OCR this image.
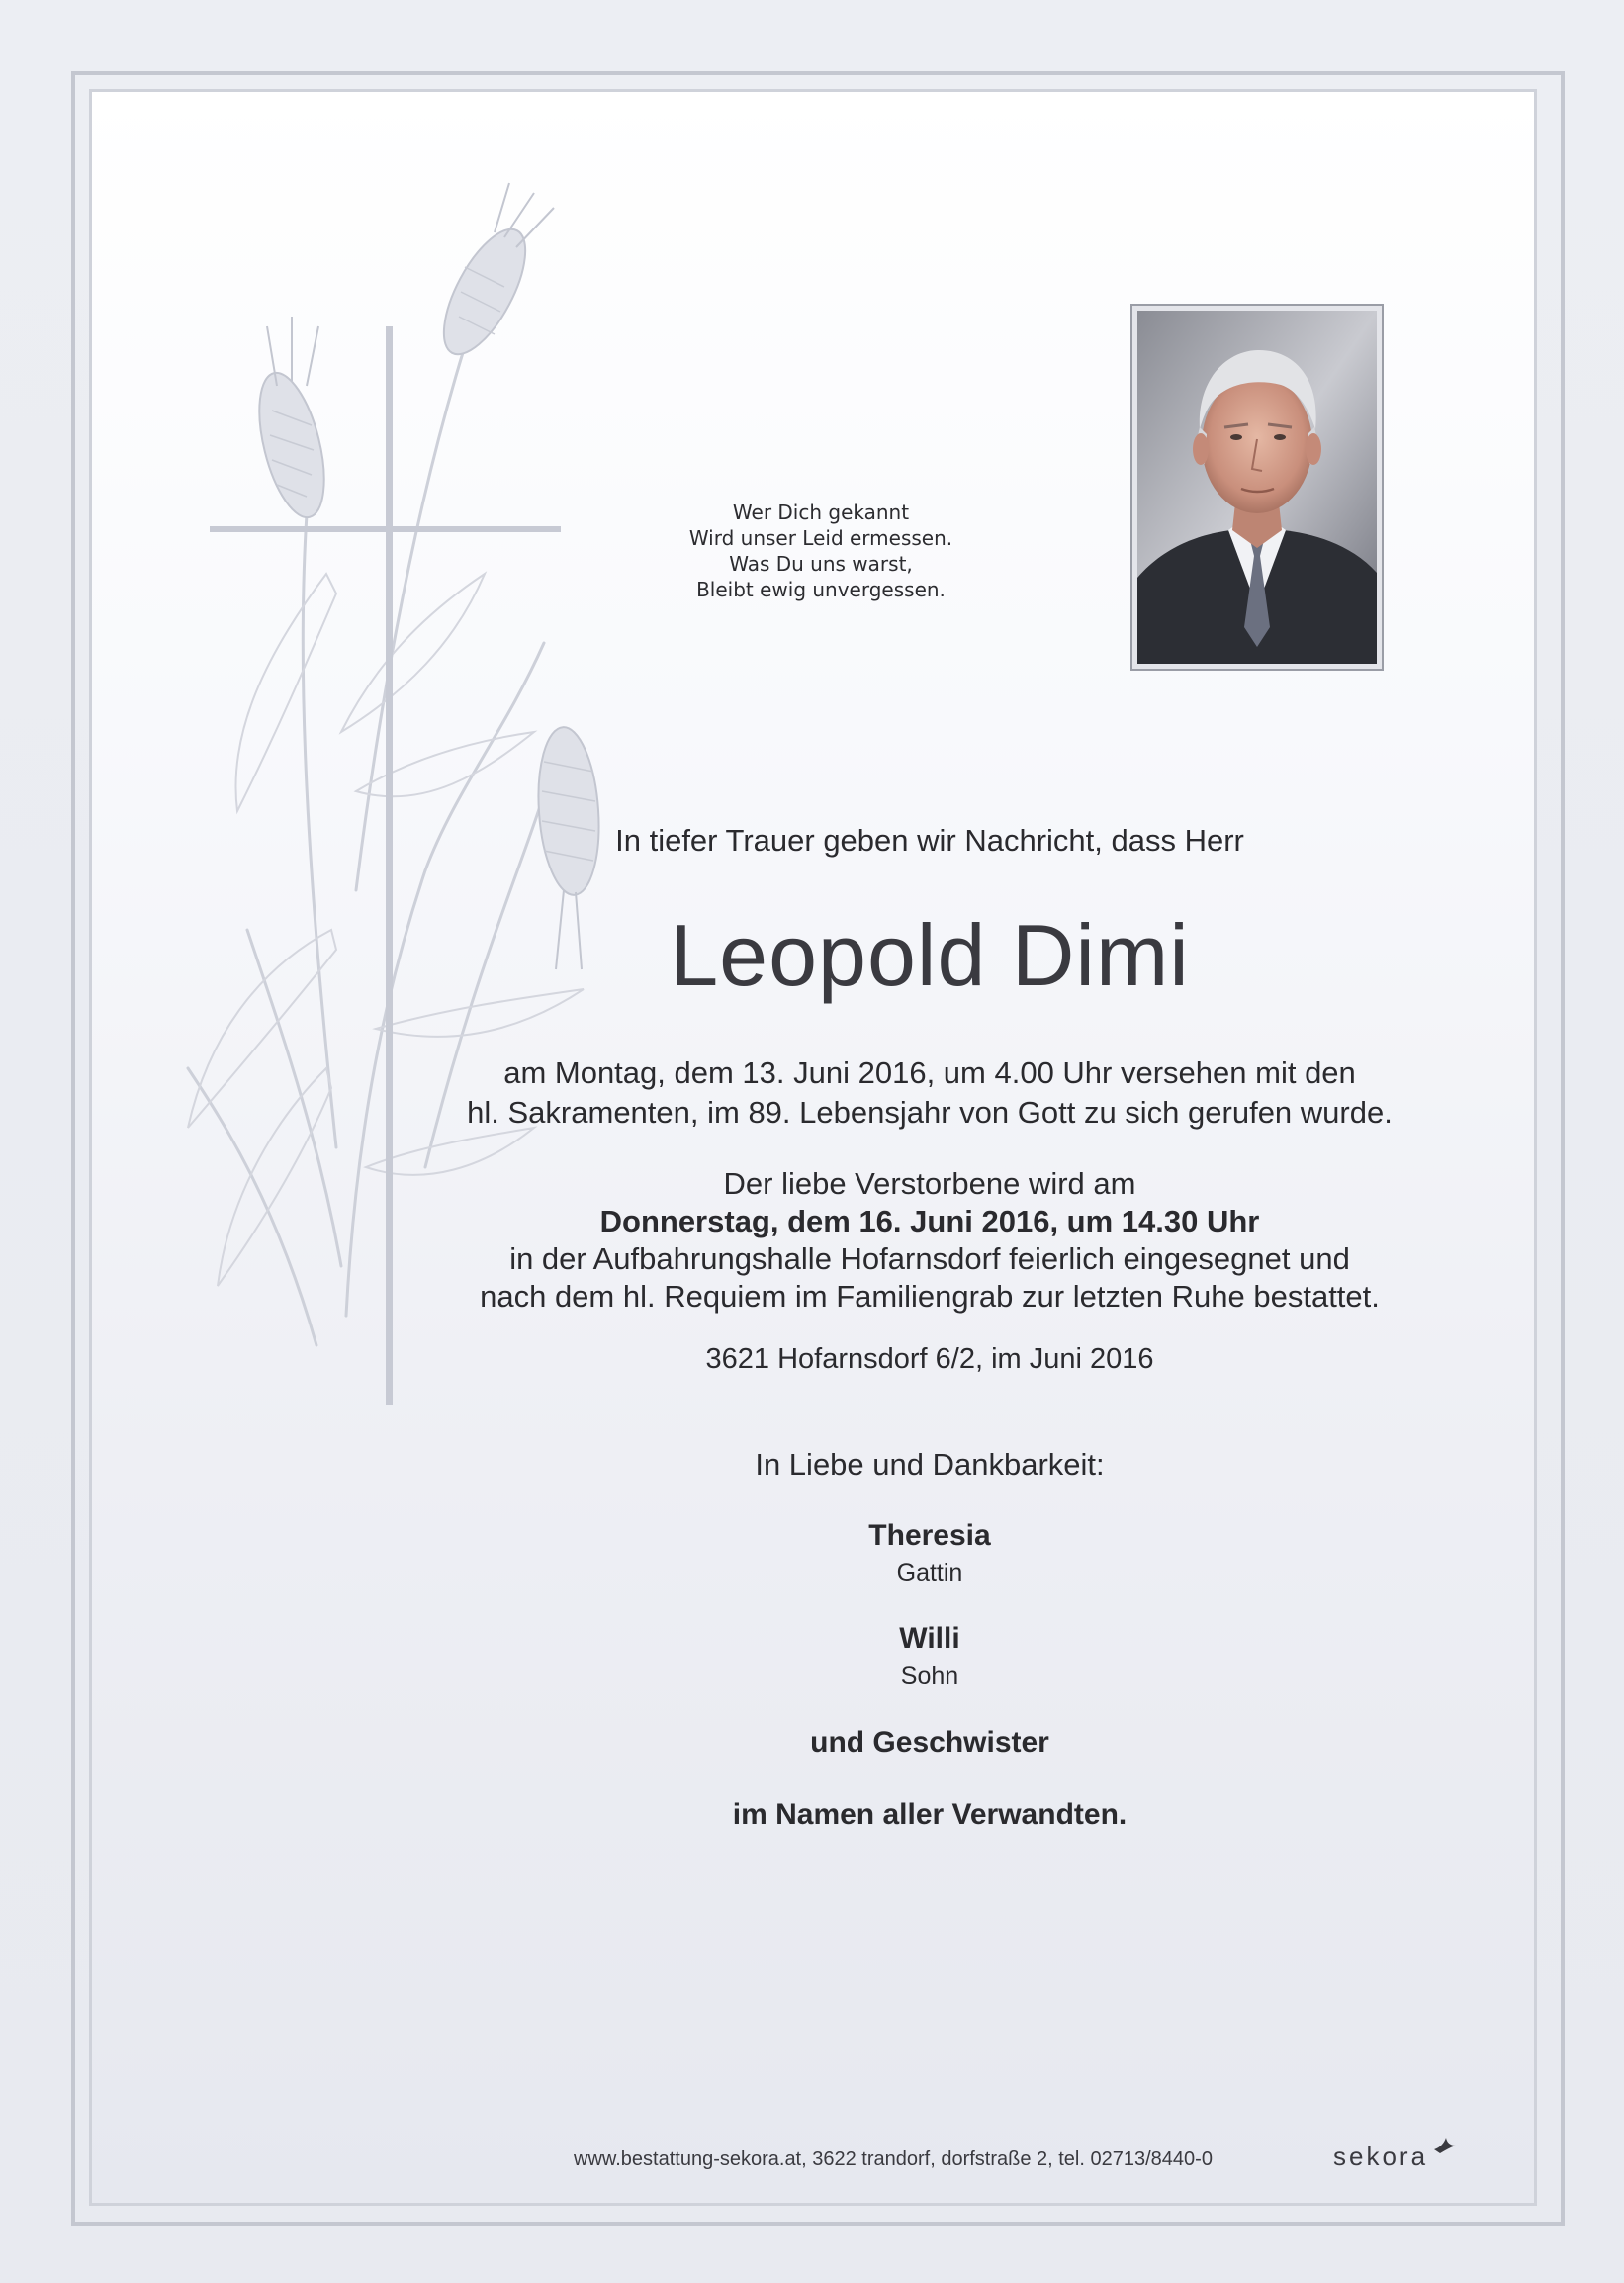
Wer Dich gekannt
Wird unser Leid ermessen.
Was Du uns warst,
Bleibt ewig unvergessen.
In tiefer Trauer geben wir Nachricht, dass Herr
Leopold Dimi
am Montag, dem 13. Juni 2016, um 4.00 Uhr versehen mit den
hl. Sakramenten, im 89. Lebensjahr von Gott zu sich gerufen wurde.
Der liebe Verstorbene wird am
Donnerstag, dem 16. Juni 2016, um 14.30 Uhr
in der Aufbahrungshalle Hofarnsdorf feierlich eingesegnet und
nach dem hl. Requiem im Familiengrab zur letzten Ruhe bestattet.
3621 Hofarnsdorf 6/2, im Juni 2016
In Liebe und Dankbarkeit:
Theresia
Gattin
Willi
Sohn
und Geschwister
im Namen aller Verwandten.
www.bestattung-sekora.at, 3622 trandorf, dorfstraße 2, tel. 02713/8440-0	sekora
